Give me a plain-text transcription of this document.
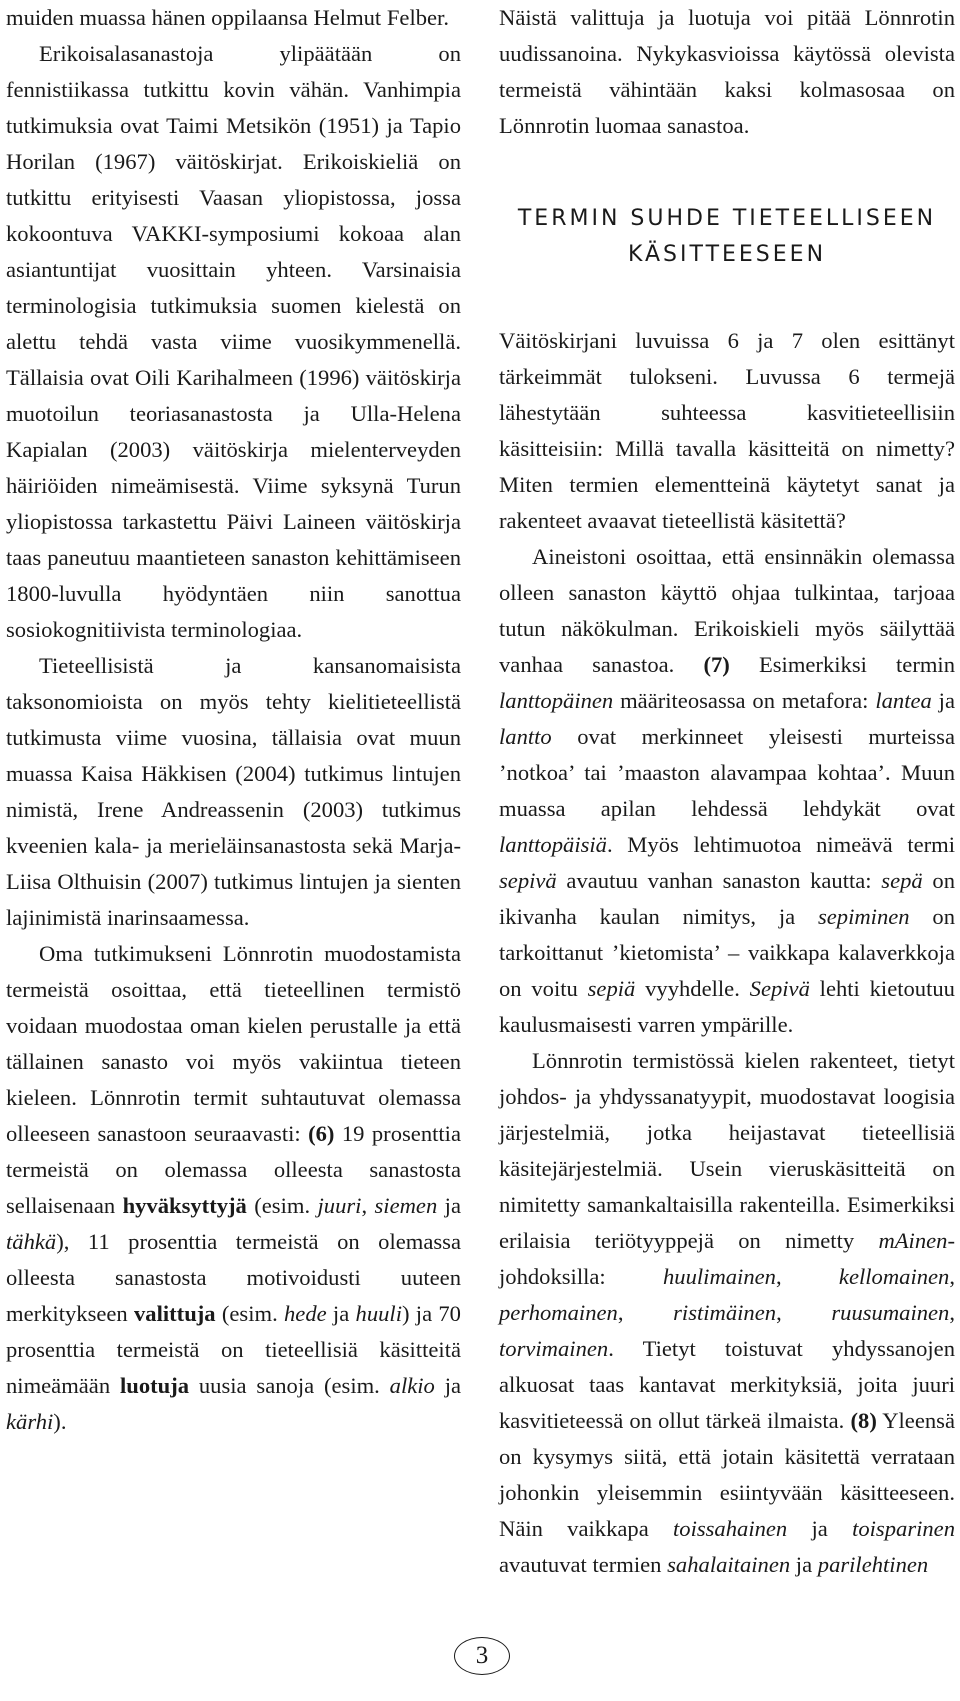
muiden muassa hänen oppilaansa Helmut Felber.

Erikoisalasanastoja ylipäätään on fennistiikassa tutkittu kovin vähän. Vanhimpia tutkimuksia ovat Taimi Metsikön (1951) ja Tapio Horilan (1967) väitöskirjat. Erikoiskieliä on tutkittu erityisesti Vaasan yliopistossa, jossa kokoontuva VAKKI-symposiumi kokoaa alan asiantuntijat vuosittain yhteen. Varsinaisia terminologisia tutkimuksia suomen kielestä on alettu tehdä vasta viime vuosikymmenellä. Tällaisia ovat Oili Karihalmeen (1996) väitöskirja muotoilun teoriasanastosta ja Ulla-Helena Kapialan (2003) väitöskirja mielenterveyden häiriöiden nimeämisestä. Viime syksynä Turun yliopistossa tarkastettu Päivi Laineen väitöskirja taas paneutuu maantieteen sanaston kehittämiseen 1800-luvulla hyödyntäen niin sanottua sosiokognitiivista terminologiaa.

Tieteellisistä ja kansanomaisista taksonomioista on myös tehty kielitieteellistä tutkimusta viime vuosina, tällaisia ovat muun muassa Kaisa Häkkisen (2004) tutkimus lintujen nimistä, Irene Andreassenin (2003) tutkimus kveenien kala- ja merieläinsanastosta sekä Marja-Liisa Olthuisin (2007) tutkimus lintujen ja sienten lajinimistä inarinsaamessa.

Oma tutkimukseni Lönnrotin muodostamista termeistä osoittaa, että tieteellinen termistö voidaan muodostaa oman kielen perustalle ja että tällainen sanasto voi myös vakiintua tieteen kieleen. Lönnrotin termit suhtautuvat olemassa olleeseen sanastoon seuraavasti: (6) 19 prosenttia termeistä on olemassa olleesta sanastosta sellaisenaan hyväksyttyjä (esim. juuri, siemen ja tähkä), 11 prosenttia termeistä on olemassa olleesta sanastosta motivoidusti uuteen merkitykseen valittuja (esim. hede ja huuli) ja 70 prosenttia termeistä on tieteellisiä käsitteitä nimeämään luotuja uusia sanoja (esim. alkio ja kärhi).

Näistä valittuja ja luotuja voi pitää Lönnrotin uudissanoina. Nykykasvioissa käytössä olevista termeistä vähintään kaksi kolmasosaa on Lönnrotin luomaa sanastoa.

TERMIN SUHDE TIETEELLISEEN
KÄSITTEESEEN

Väitöskirjani luvuissa 6 ja 7 olen esittänyt tärkeimmät tulokseni. Luvussa 6 termejä lähestytään suhteessa kasvitieteellisiin käsitteisiin: Millä tavalla käsitteitä on nimetty? Miten termien elementteinä käytetyt sanat ja rakenteet avaavat tieteellistä käsitettä?

Aineistoni osoittaa, että ensinnäkin olemassa olleen sanaston käyttö ohjaa tulkintaa, tarjoaa tutun näkökulman. Erikoiskieli myös säilyttää vanhaa sanastoa. (7) Esimerkiksi termin lanttopäinen määriteosassa on metafora: lantea ja lantto ovat merkinneet yleisesti murteissa ’notkoa’ tai ’maaston alavampaa kohtaa’. Muun muassa apilan lehdessä lehdykät ovat lanttopäisiä. Myös lehtimuotoa nimeävä termi sepivä avautuu vanhan sanaston kautta: sepä on ikivanha kaulan nimitys, ja sepiminen on tarkoittanut ’kietomista’ – vaikkapa kalaverkkoja on voitu sepiä vyyhdelle. Sepivä lehti kietoutuu kaulusmaisesti varren ympärille.

Lönnrotin termistössä kielen rakenteet, tietyt johdos- ja yhdyssanatyypit, muodostavat loogisia järjestelmiä, jotka heijastavat tieteellisiä käsitejärjestelmiä. Usein vieruskäsitteitä on nimitetty samankaltaisilla rakenteilla. Esimerkiksi erilaisia teriötyyppejä on nimetty mAinen-johdoksilla: huulimainen, kellomainen, perhomainen, ristimäinen, ruusumainen, torvimainen. Tietyt toistuvat yhdyssanojen alkuosat taas kantavat merkityksiä, joita juuri kasvitieteessä on ollut tärkeä ilmaista. (8) Yleensä on kysymys siitä, että jotain käsitettä verrataan johonkin yleisemmin esiintyvään käsitteeseen. Näin vaikkapa toissahainen ja toisparinen avautuvat termien sahalaitainen ja parilehtinen

3
